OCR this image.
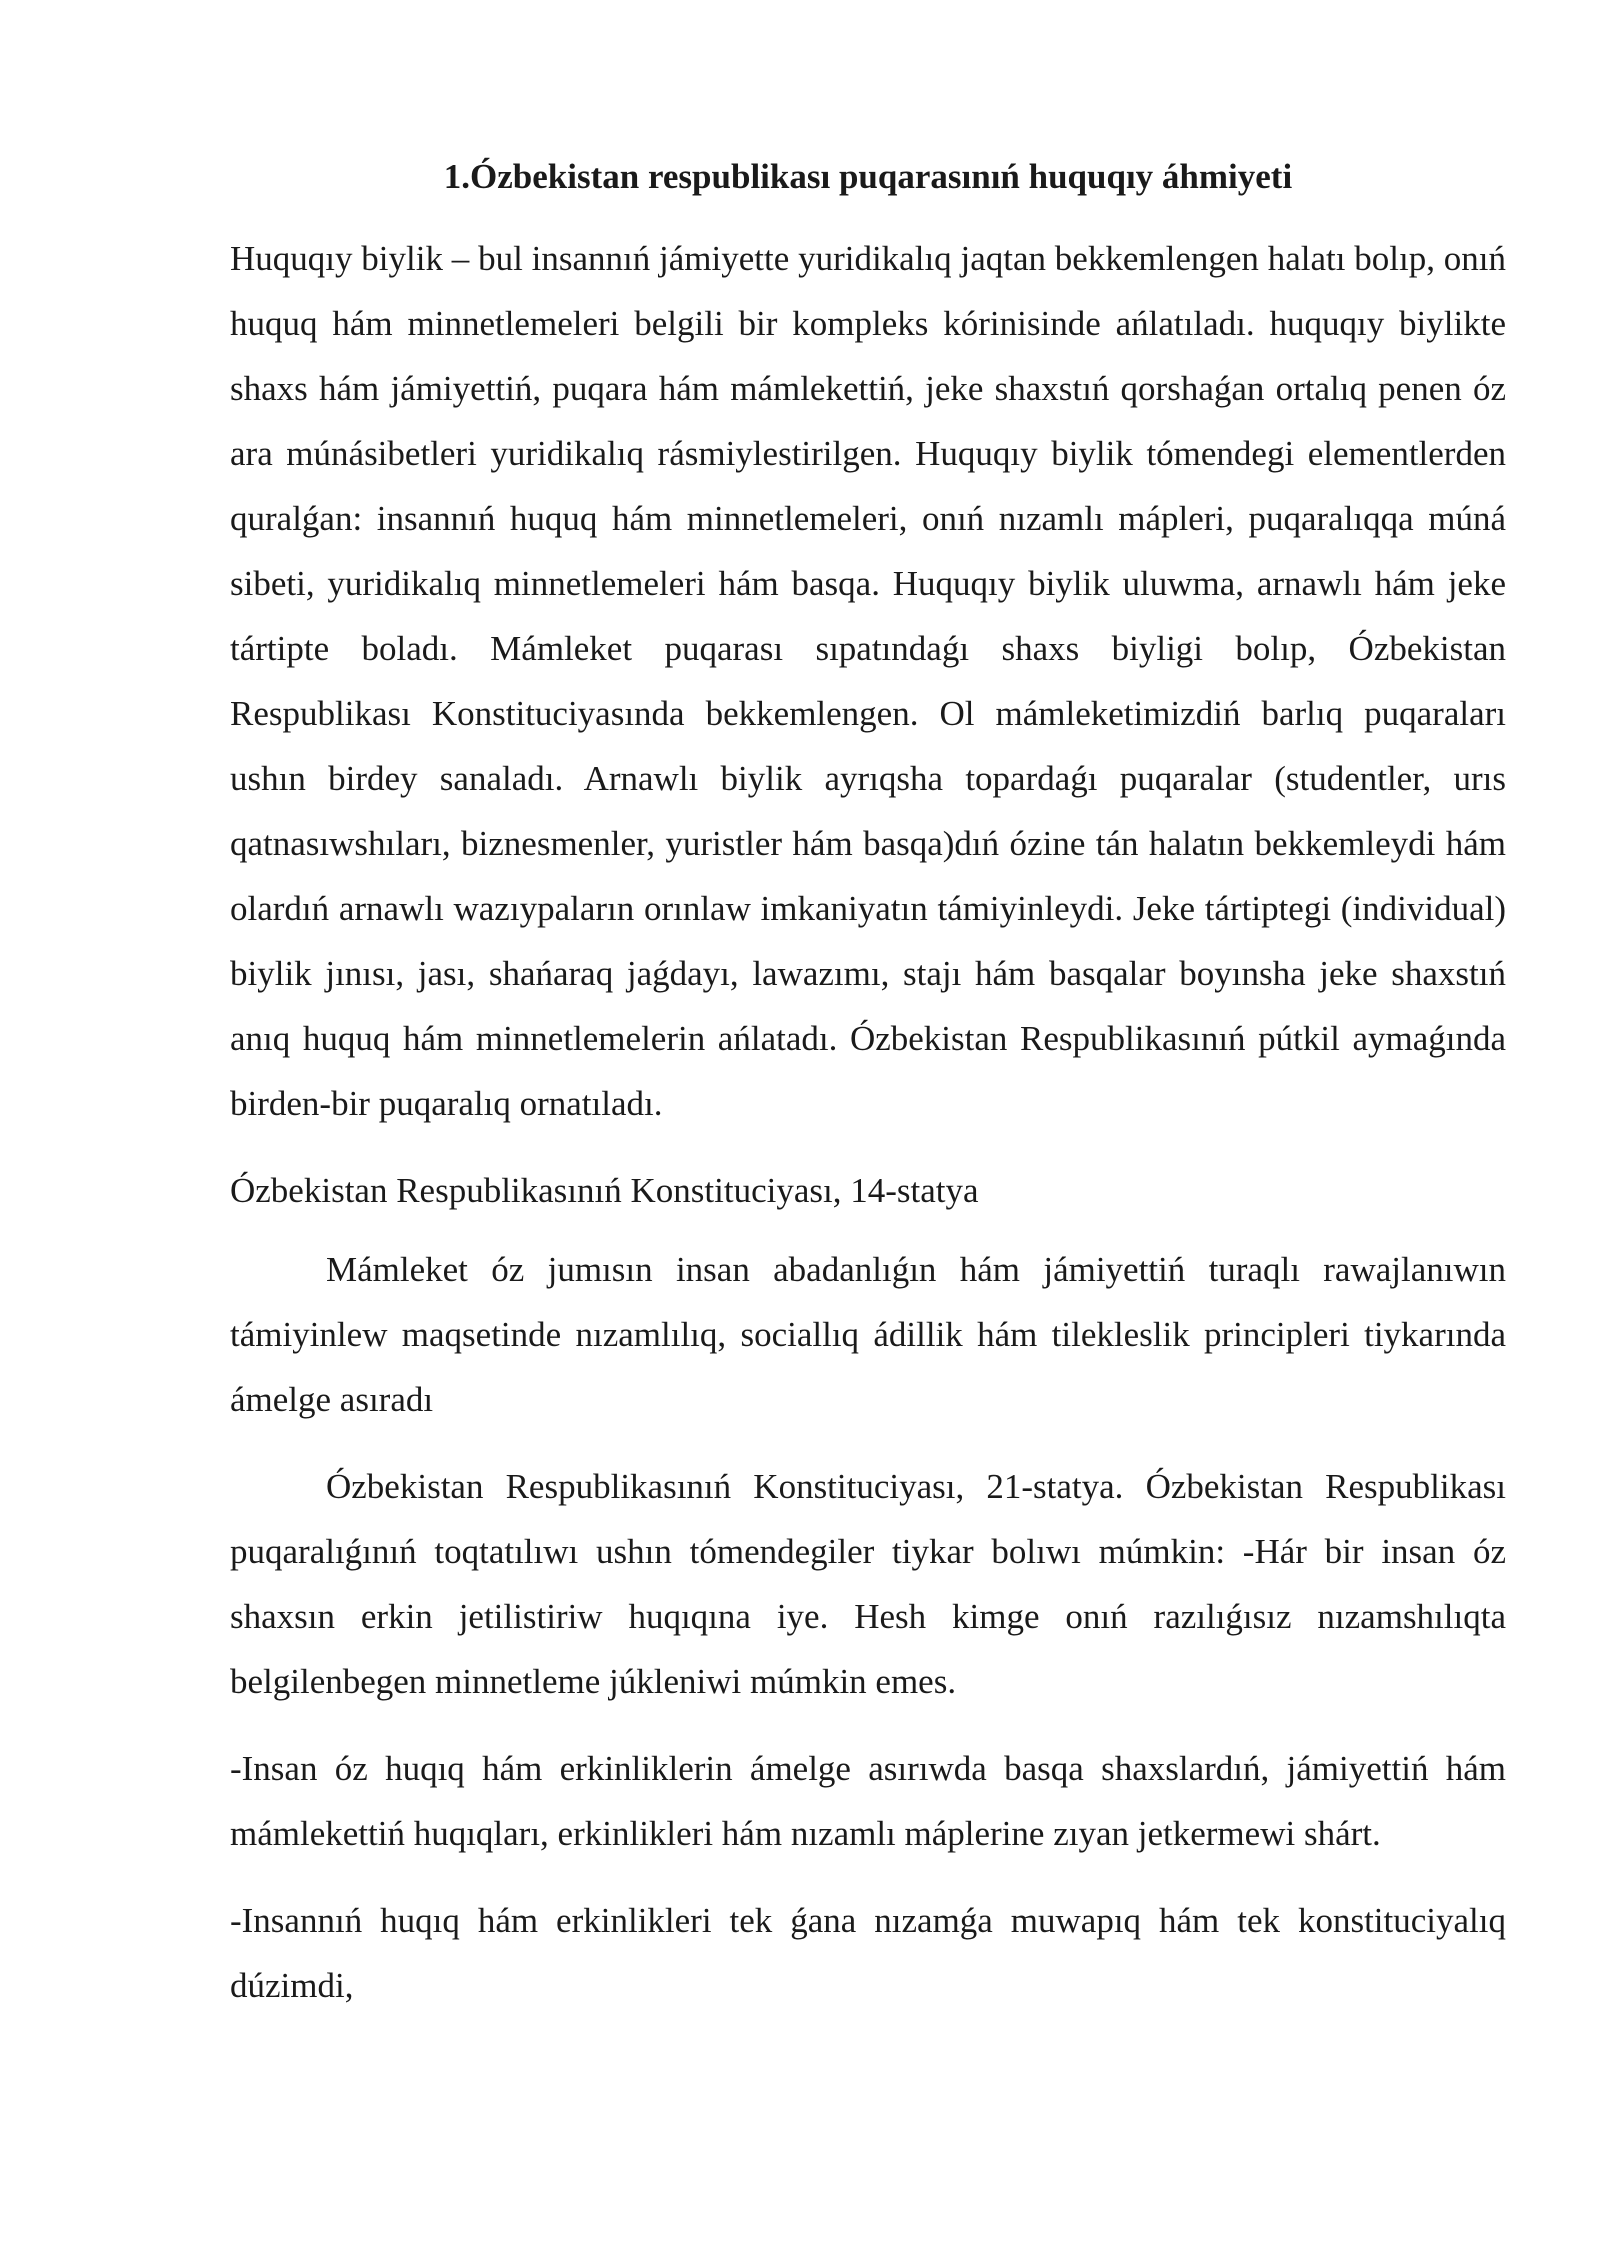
1.Ózbekistan respublikası puqarasınıń huquqıy áhmiyeti

Huquqıy biylik – bul insannıń jámiyette yuridikalıq jaqtan bekkemlengen halatı bolıp, onıń huquq hám minnetlemeleri belgili bir kompleks kórinisinde ańlatıladı. huquqıy biylikte shaxs hám jámiyettiń, puqara hám mámlekettiń, jeke shaxstıń qorshaǵan ortalıq penen óz ara múnásibetleri yuridikalıq rásmiylestirilgen. Huquqıy biylik tómendegi elementlerden quralǵan: insannıń huquq hám minnetlemeleri, onıń nızamlı mápleri, puqaralıqqa múná sibeti, yuridikalıq minnetlemeleri hám basqa. Huquqıy biylik uluwma, arnawlı hám jeke tártipte boladı. Mámleket puqarası sıpatındaǵı shaxs biyligi bolıp, Ózbekistan Respublikası Konstituciyasında bekkemlengen. Ol mámleketimizdiń barlıq puqaraları ushın birdey sanaladı. Arnawlı biylik ayrıqsha topardaǵı puqaralar (studentler, urıs qatnasıwshıları, biznesmenler, yuristler hám basqa)dıń ózine tán halatın bekkemleydi hám olardıń arnawlı wazıypaların orınlaw imkaniyatın támiyinleydi. Jeke tártiptegi (individual) biylik jınısı, jası, shańaraq jaǵdayı, lawazımı, stajı hám basqalar boyınsha jeke shaxstıń anıq huquq hám minnetlemelerin ańlatadı. Ózbekistan Respublikasınıń pútkil aymaǵında birden-bir puqaralıq ornatıladı.

Ózbekistan Respublikasınıń Konstituciyası, 14-statya

Mámleket óz jumısın insan abadanlıǵın hám jámiyettiń turaqlı rawajlanıwın támiyinlew maqsetinde nızamlılıq, sociallıq ádillik hám tilekleslik principleri tiykarında ámelge asıradı

Ózbekistan Respublikasınıń Konstituciyası, 21-statya. Ózbekistan Respublikası puqaralıǵınıń toqtatılıwı ushın tómendegiler tiykar bolıwı múmkin: -Hár bir insan óz shaxsın erkin jetilistiriw huqıqına iye. Hesh kimge onıń razılıǵısız nızamshılıqta belgilenbegen minnetleme júkleniwi múmkin emes.

-Insan óz huqıq hám erkinliklerin ámelge asırıwda basqa shaxslardıń, jámiyettiń hám mámlekettiń huqıqları, erkinlikleri hám nızamlı máplerine zıyan jetkermewi shárt.

-Insannıń huqıq hám erkinlikleri tek ǵana nızamǵa muwapıq hám tek konstituciyalıq dúzimdi,
